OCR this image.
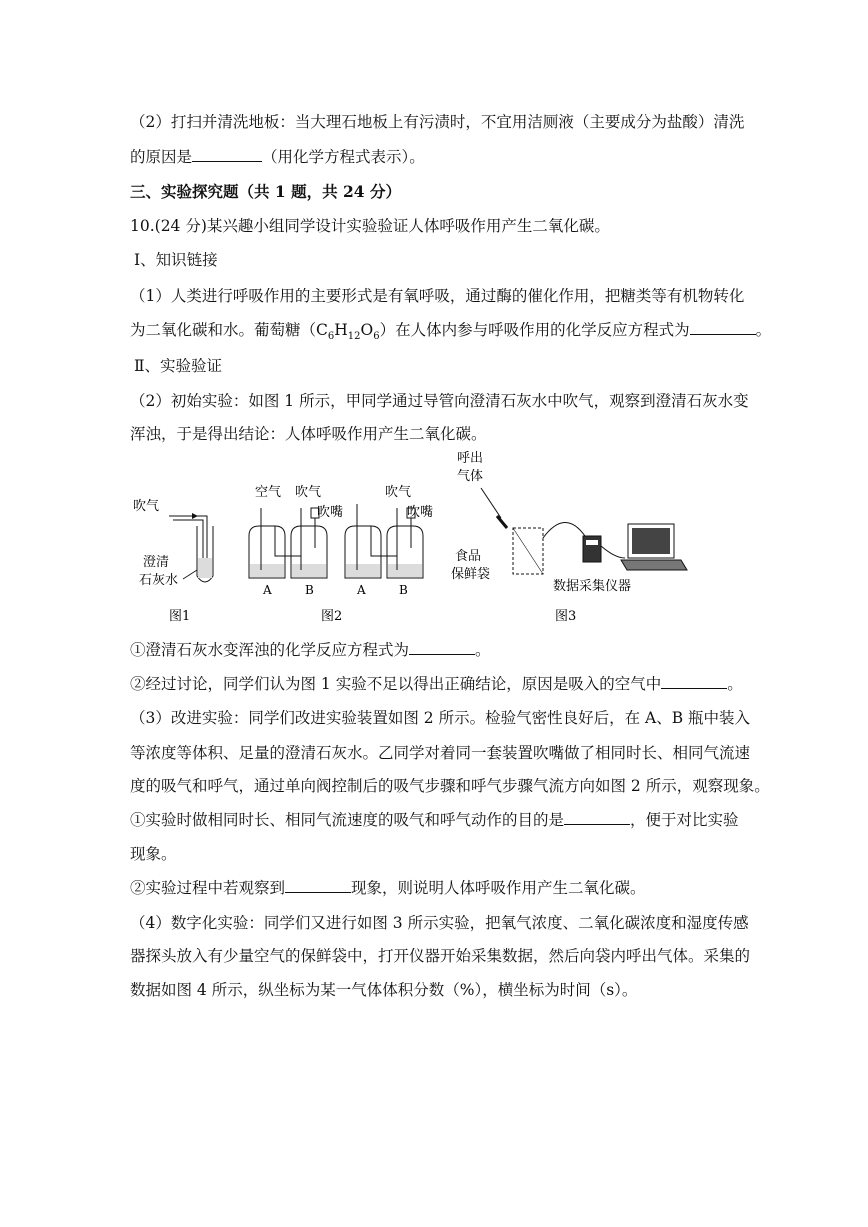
（2）打扫并清洗地板：当大理石地板上有污渍时，不宜用洁厕液（主要成分为盐酸）清洗
的原因是	（用化学方程式表示）。
三、实验探究题（共 1 题，共 24 分）
10.(24 分)某兴趣小组同学设计实验验证人体呼吸作用产生二氧化碳。
Ⅰ、知识链接
（1）人类进行呼吸作用的主要形式是有氧呼吸，通过酶的催化作用，把糖类等有机物转化
为二氧化碳和水。葡萄糖$(C_6H_{12}O_6)$在人体内参与呼吸作用的化学反应方程式为	。
Ⅱ、实验验证
（2）初始实验：如图 1 所示，甲同学通过导管向澄清石灰水中吹气，观察到澄清石灰水变
浑浊，于是得出结论：人体呼吸作用产生二氧化碳。
吹气
澄清
石灰水
图1
空气 吹气
吹嘴
A	B
吹气
吹嘴
A	B
图2
呼出
气体
食品
保鲜袋
数据采集仪器
图3
①澄清石灰水变浑浊的化学反应方程式为	。
②经过讨论，同学们认为图 1 实验不足以得出正确结论，原因是吸入的空气中	。
（3）改进实验：同学们改进实验装置如图 2 所示。检验气密性良好后，在 A、B 瓶中装入
等浓度等体积、足量的澄清石灰水。乙同学对着同一套装置吹嘴做了相同时长、相同气流速
度的吸气和呼气，通过单向阀控制后的吸气步骤和呼气步骤气流方向如图 2 所示，观察现象。
①实验时做相同时长、相同气流速度的吸气和呼气动作的目的是	，便于对比实验
现象。
②实验过程中若观察到	现象，则说明人体呼吸作用产生二氧化碳。
（4）数字化实验：同学们又进行如图 3 所示实验，把氧气浓度、二氧化碳浓度和湿度传感
器探头放入有少量空气的保鲜袋中，打开仪器开始采集数据，然后向袋内呼出气体。采集的
数据如图 4 所示，纵坐标为某一气体体积分数（%），横坐标为时间（s）。
